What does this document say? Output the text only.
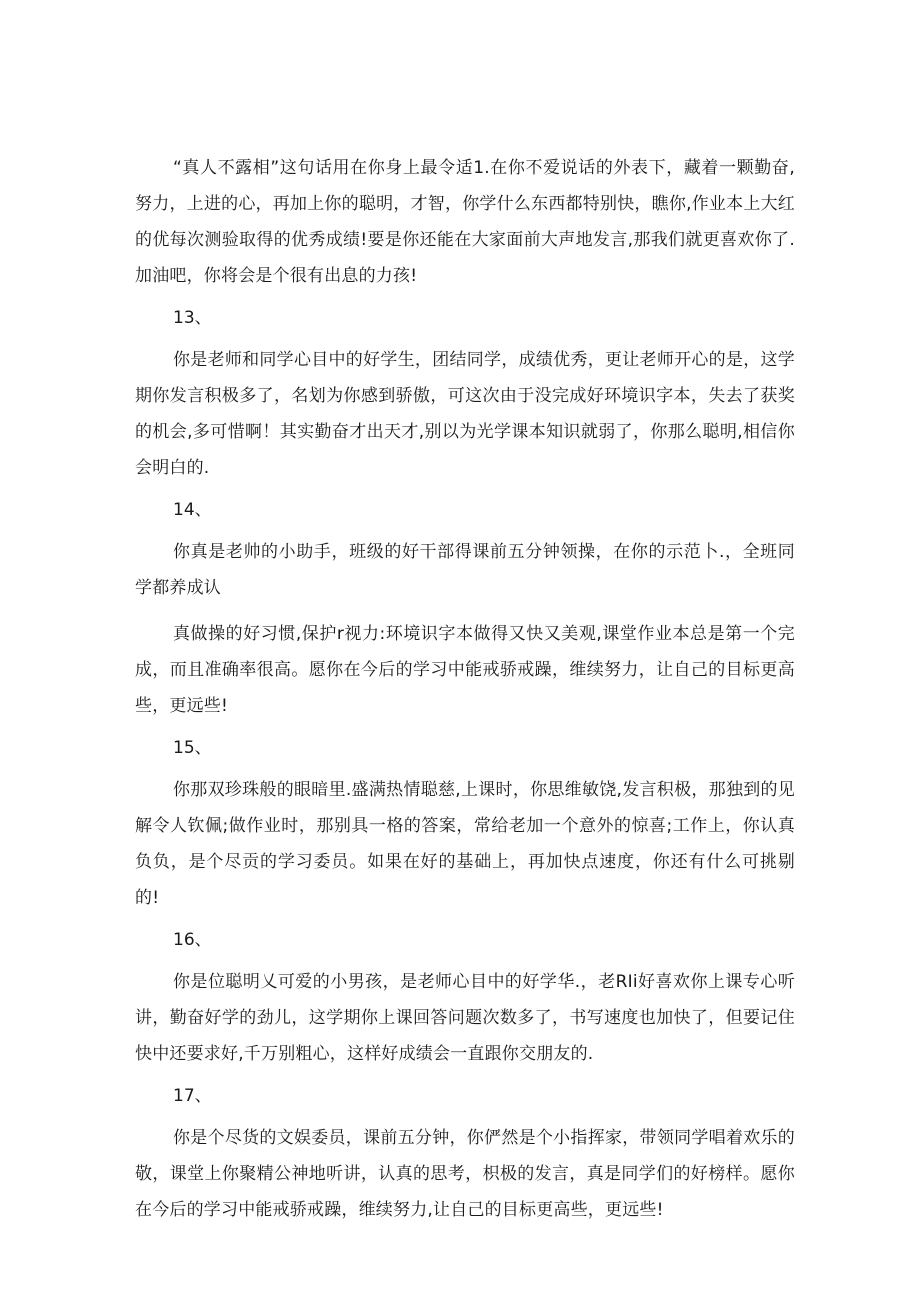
“真人不露相”这句话用在你身上最令适1.在你不爱说话的外表下，藏着一颗勤奋,努力，上进的心，再加上你的聪明，才智，你学什么东西都特别快，瞧你,作业本上大红的优每次测验取得的优秀成绩!要是你还能在大家面前大声地发言,那我们就更喜欢你了.加油吧，你将会是个很有出息的力孩!

13、

你是老师和同学心目中的好学生，团结同学，成绩优秀，更让老师开心的是，这学期你发言积极多了，名划为你感到骄傲，可这次由于没完成好环境识字本，失去了获奖的机会,多可惜啊！其实勤奋才出天才,别以为光学课本知识就弱了，你那么聪明,相信你会明白的.

14、

你真是老帅的小助手，班级的好干部得课前五分钟领操，在你的示范卜.，全班同学都养成认

真做操的好习惯,保护r视力:环境识字本做得又快又美观,课堂作业本总是第一个完成，而且准确率很高。愿你在今后的学习中能戒骄戒躁，维续努力，让自己的目标更高些，更远些!

15、

你那双珍珠般的眼暗里.盛满热情聪慈,上课时，你思维敏饶,发言积极，那独到的见解令人钦佩;做作业时，那别具一格的答案，常给老加一个意外的惊喜;工作上，你认真负负，是个尽贡的学习委员。如果在好的基础上，再加快点速度，你还有什么可挑剔的!

16、

你是位聪明乂可爱的小男孩，是老师心目中的好学华.，老RIi好喜欢你上课专心听讲，勤奋好学的劲儿，这学期你上课回答问题次数多了，书写速度也加快了，但要记住快中还要求好,千万别粗心，这样好成绩会一直跟你交朋友的.

17、

你是个尽货的文娱委员，课前五分钟，你俨然是个小指挥家，带领同学唱着欢乐的敬，课堂上你聚精公神地听讲，认真的思考，枳极的发言，真是同学们的好榜样。愿你在今后的学习中能戒骄戒躁，维续努力,让自己的目标更高些，更远些!
